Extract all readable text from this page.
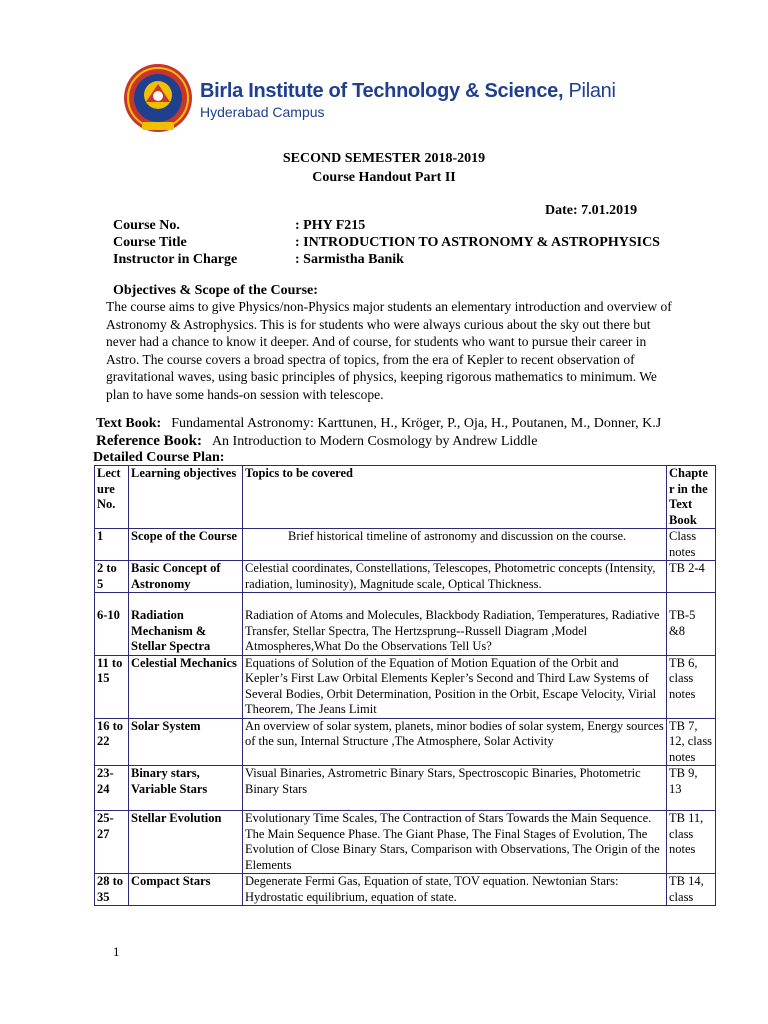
Birla Institute of Technology & Science, Pilani
Hyderabad Campus
SECOND SEMESTER 2018-2019
Course Handout Part II
Date: 7.01.2019
Course No.	: PHY F215
Course Title	: INTRODUCTION TO ASTRONOMY & ASTROPHYSICS
Instructor in Charge	: Sarmistha Banik
Objectives & Scope of the Course:
The course aims to give Physics/non-Physics major students an elementary introduction and overview of Astronomy & Astrophysics. This is for students who were always curious about the sky out there but never had a chance to know it deeper. And of course, for students who want to pursue their career in Astro. The course covers a broad spectra of topics, from the era of Kepler to recent observation of gravitational waves, using basic principles of physics, keeping rigorous mathematics to minimum. We plan to have some hands-on session with telescope.
Text Book: Fundamental Astronomy: Karttunen, H., Kröger, P., Oja, H., Poutanen, M., Donner, K.J
Reference Book: An Introduction to Modern Cosmology by Andrew Liddle
Detailed Course Plan:
Lect ure No.	Learning objectives	Topics to be covered	Chapte r in the Text Book
1	Scope of the Course	Brief historical timeline of astronomy and discussion on the course.	Class notes
2 to 5	Basic Concept of Astronomy	Celestial coordinates, Constellations, Telescopes, Photometric concepts (Intensity, radiation, luminosity), Magnitude scale, Optical Thickness.	TB 2-4
6-10	Radiation Mechanism & Stellar Spectra	Radiation of Atoms and Molecules, Blackbody Radiation, Temperatures, Radiative Transfer, Stellar Spectra, The Hertzsprung--Russell Diagram ,Model Atmospheres,What Do the Observations Tell Us?	TB-5 &8
11 to 15	Celestial Mechanics	Equations of Solution of the Equation of Motion Equation of the Orbit and Kepler’s First Law Orbital Elements Kepler’s Second and Third Law Systems of Several Bodies, Orbit Determination, Position in the Orbit, Escape Velocity, Virial Theorem, The Jeans Limit	TB 6, class notes
16 to 22	Solar System	An overview of solar system, planets, minor bodies of solar system, Energy sources of the sun, Internal Structure ,The Atmosphere, Solar Activity	TB 7, 12, class notes
23-24	Binary stars, Variable Stars	Visual Binaries, Astrometric Binary Stars, Spectroscopic Binaries, Photometric Binary Stars	TB 9, 13
25-27	Stellar Evolution	Evolutionary Time Scales, The Contraction of Stars Towards the Main Sequence. The Main Sequence Phase. The Giant Phase, The Final Stages of Evolution, The Evolution of Close Binary Stars, Comparison with Observations, The Origin of the Elements	TB 11, class notes
28 to 35	Compact Stars	Degenerate Fermi Gas, Equation of state, TOV equation. Newtonian Stars: Hydrostatic equilibrium, equation of state.	TB 14, class
1
